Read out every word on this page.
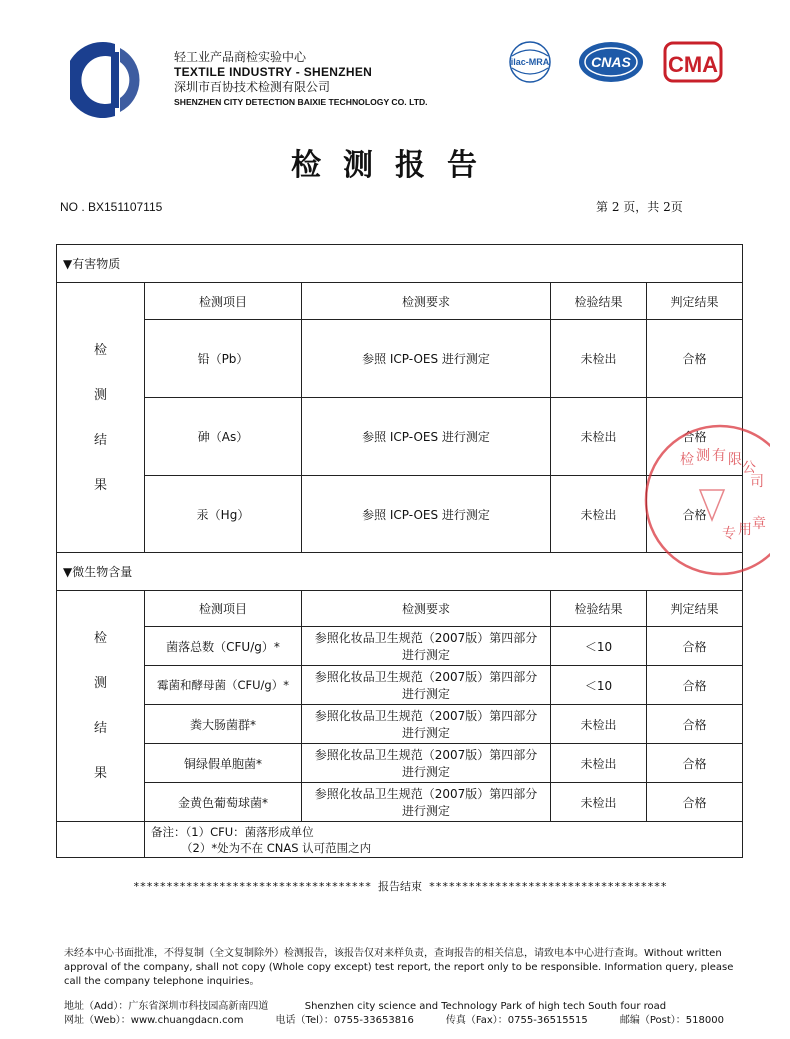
轻工业产品商检实验中心
TEXTILE INDUSTRY - SHENZHEN
深圳市百协技术检测有限公司
SHENZHEN CITY DETECTION BAIXIE TECHNOLOGY CO. LTD.
ilac-MRA	CNAS CMA
检测报告
NO . BX151107115	第 2 页，共 2页
▼有害物质				

检
测
结
果	检测项目	检测要求	检验结果	判定结果
	铅（Pb）	参照 ICP-OES 进行测定	未检出	合格
	砷（As）	参照 ICP-OES 进行测定	未检出	合格
	汞（Hg）	参照 ICP-OES 进行测定	未检出	合格
▼微生物含量				

检
测
结
果	检测项目	检测要求	检验结果	判定结果
	菌落总数（CFU/g）*	参照化妆品卫生规范（2007版）第四部分
进行测定	＜10	合格
	霉菌和酵母菌（CFU/g）*	参照化妆品卫生规范（2007版）第四部分
进行测定	＜10	合格
	粪大肠菌群*	参照化妆品卫生规范（2007版）第四部分
进行测定	未检出	合格
	铜绿假单胞菌*	参照化妆品卫生规范（2007版）第四部分
进行测定	未检出	合格
	金黄色葡萄球菌*	参照化妆品卫生规范（2007版）第四部分
进行测定	未检出	合格

	备注：（1）CFU：菌落形成单位
（2）*处为不在 CNAS 认可范围之内			
检 测 有 限 公
司
专 用 章
************************************ 报告结束 ************************************
未经本中心书面批准，不得复制（全文复制除外）检测报告，该报告仅对来样负责，查询报告的相关信息，请致电本中心进行查询。Without written approval of the company, shall not copy (Whole copy except) test report, the report only to be responsible. Information query, please call the company telephone inquiries。
地址（Add）：广东省深圳市科技园高新南四道	Shenzhen city science and Technology Park of high tech South four road
网址（Web）：www.chuangdacn.com	电话（Tel）：0755-33653816	传真（Fax）：0755-36515515	邮编（Post）：518000
